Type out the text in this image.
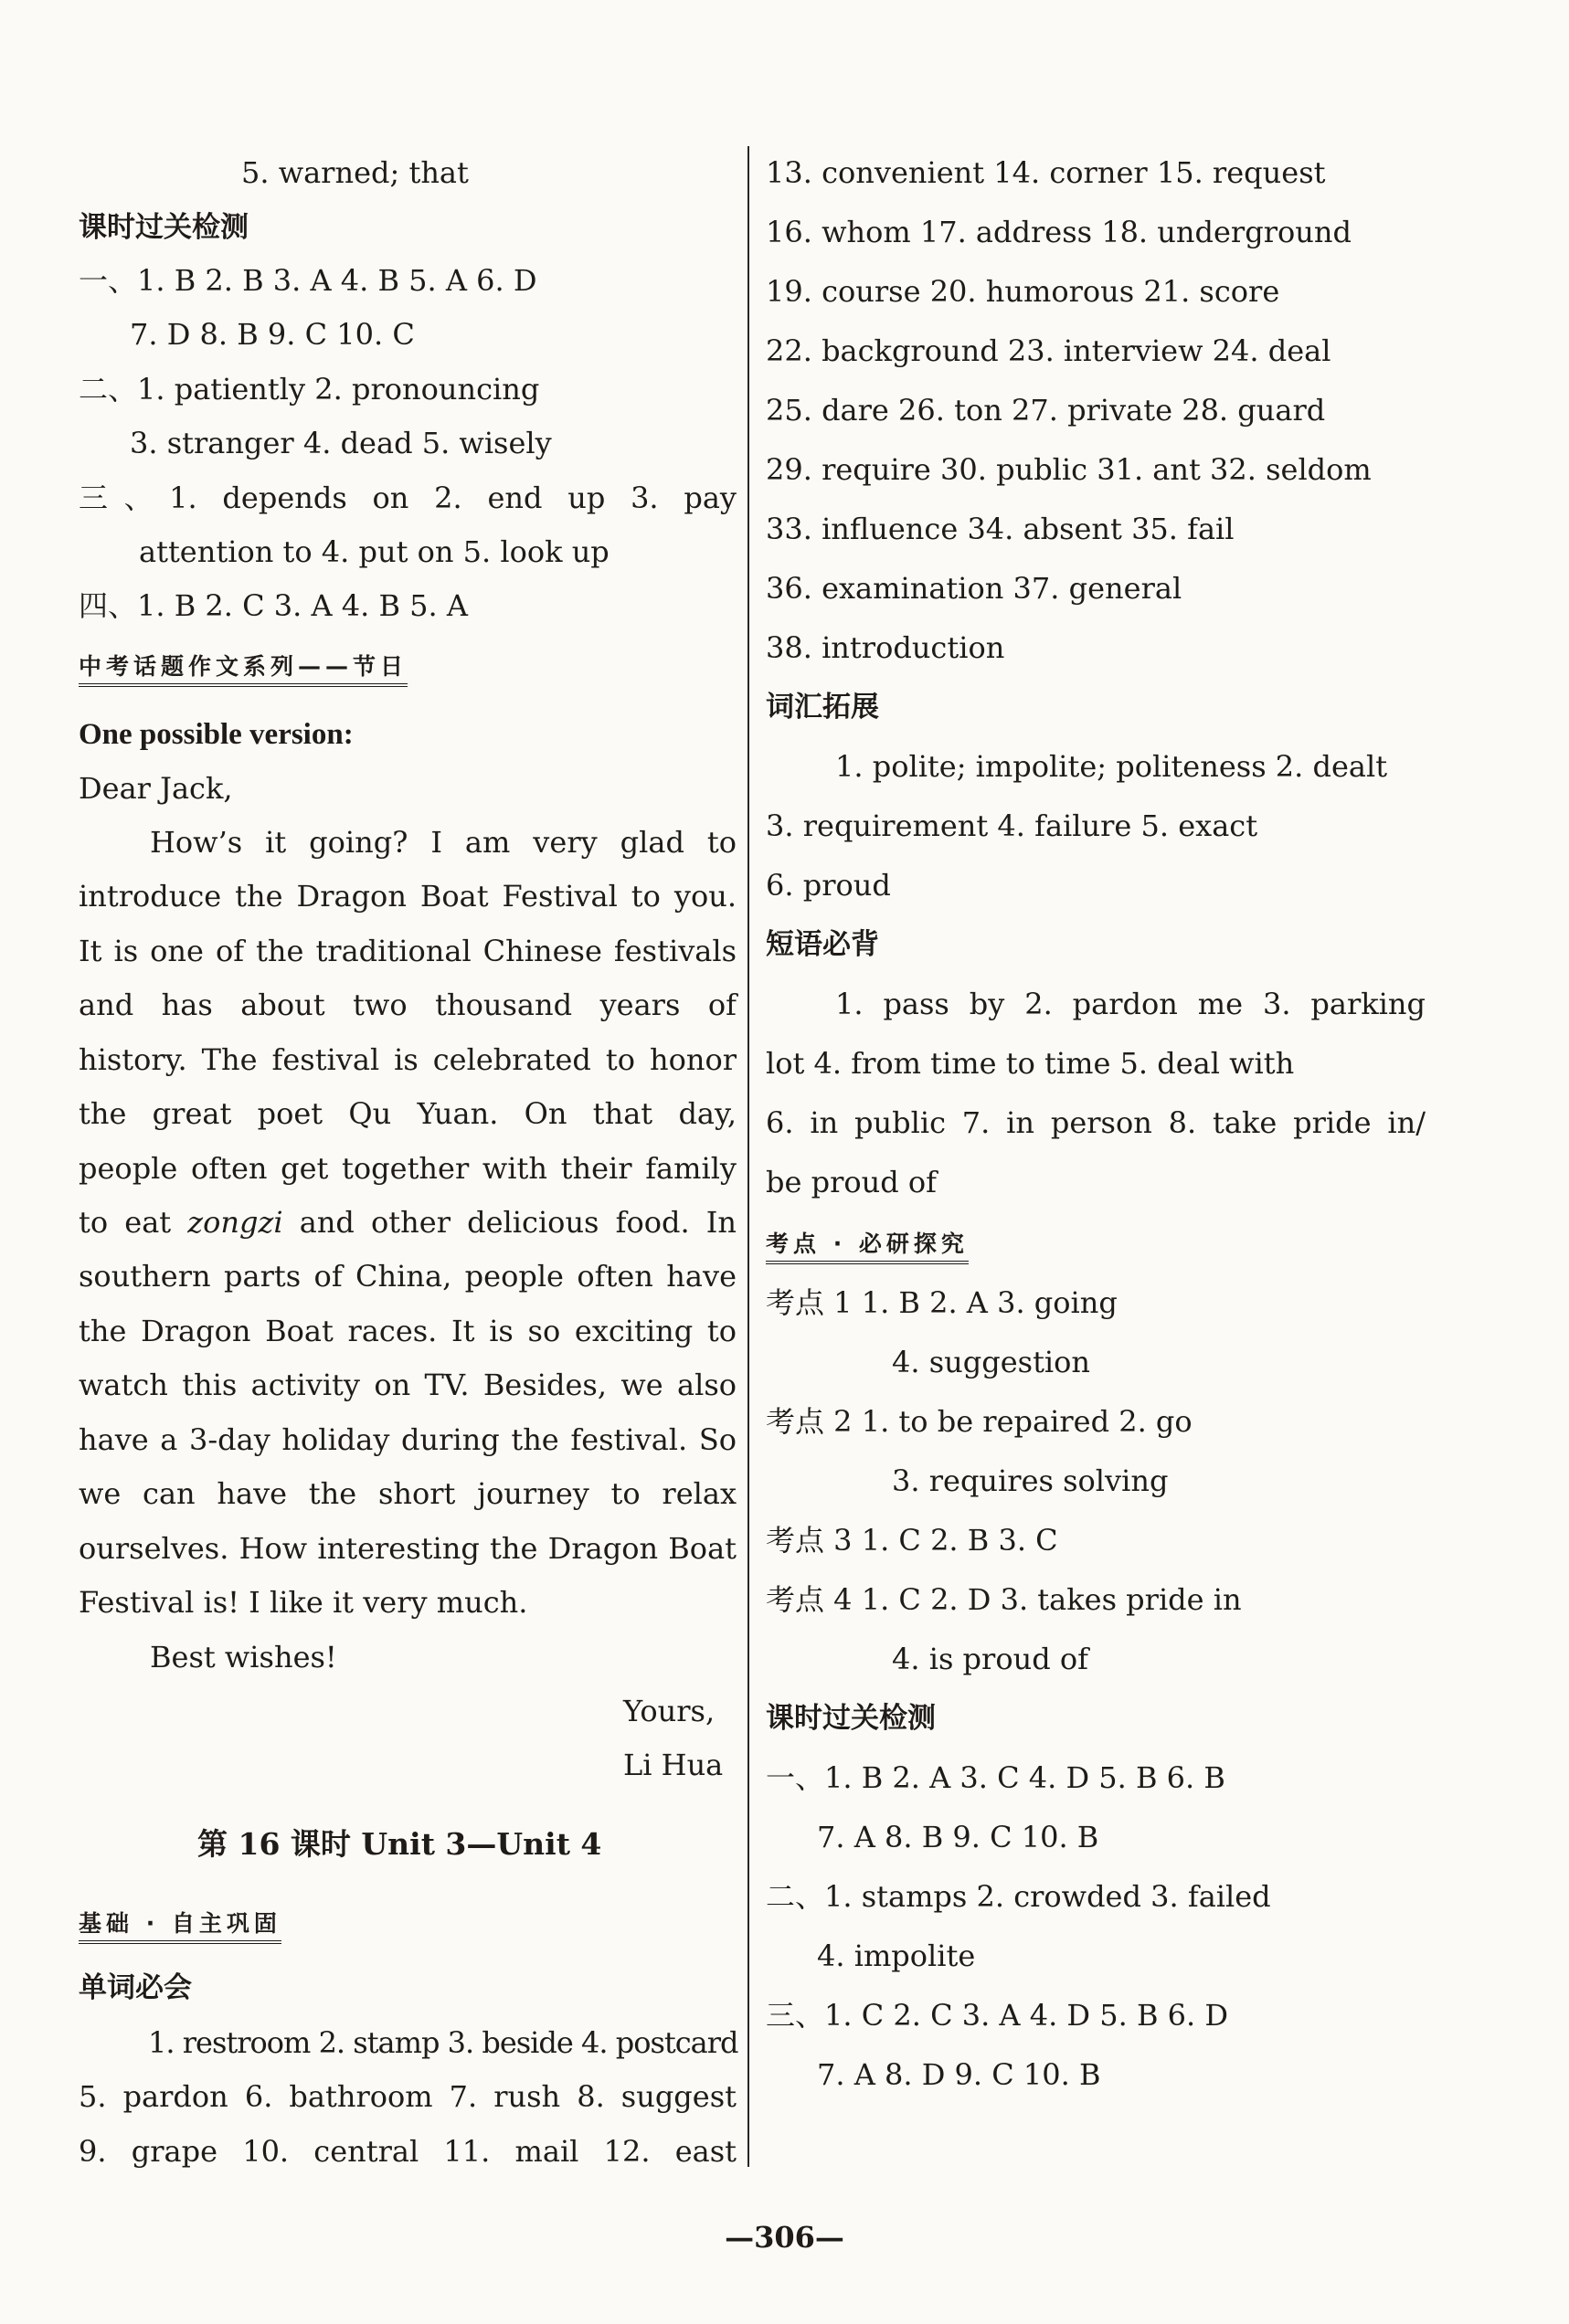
5. warned; that
课时过关检测
一、1. B 2. B 3. A 4. B 5. A 6. D
7. D 8. B 9. C 10. C
二、1. patiently 2. pronouncing
3. stranger 4. dead 5. wisely
三、1. depends on 2. end up 3. pay
attention to 4. put on 5. look up
四、1. B 2. C 3. A 4. B 5. A
中考话题作文系列——节日
One possible version:
Dear Jack,
How’s it going? I am very glad to
introduce the Dragon Boat Festival to you.
It is one of the traditional Chinese festivals
and has about two thousand years of
history. The festival is celebrated to honor
the great poet Qu Yuan. On that day,
people often get together with their family
to eat zongzi and other delicious food. In
southern parts of China, people often have
the Dragon Boat races. It is so exciting to
watch this activity on TV. Besides, we also
have a 3-day holiday during the festival. So
we can have the short journey to relax
ourselves. How interesting the Dragon Boat
Festival is! I like it very much.
Best wishes!
Yours,
Li Hua
第 16 课时 Unit 3—Unit 4
基础 · 自主巩固
单词必会
1. restroom 2. stamp 3. beside 4. postcard
5. pardon 6. bathroom 7. rush 8. suggest
9. grape 10. central 11. mail 12. east
13. convenient 14. corner 15. request
16. whom 17. address 18. underground
19. course 20. humorous 21. score
22. background 23. interview 24. deal
25. dare 26. ton 27. private 28. guard
29. require 30. public 31. ant 32. seldom
33. influence 34. absent 35. fail
36. examination 37. general
38. introduction
词汇拓展
1. polite; impolite; politeness 2. dealt
3. requirement 4. failure 5. exact
6. proud
短语必背
1. pass by 2. pardon me 3. parking
lot 4. from time to time 5. deal with
6. in public 7. in person 8. take pride in/
be proud of
考点 · 必研探究
考点 1 1. B 2. A 3. going
4. suggestion
考点 2 1. to be repaired 2. go
3. requires solving
考点 3 1. C 2. B 3. C
考点 4 1. C 2. D 3. takes pride in
4. is proud of
课时过关检测
一、1. B 2. A 3. C 4. D 5. B 6. B
7. A 8. B 9. C 10. B
二、1. stamps 2. crowded 3. failed
4. impolite
三、1. C 2. C 3. A 4. D 5. B 6. D
7. A 8. D 9. C 10. B
—306—
